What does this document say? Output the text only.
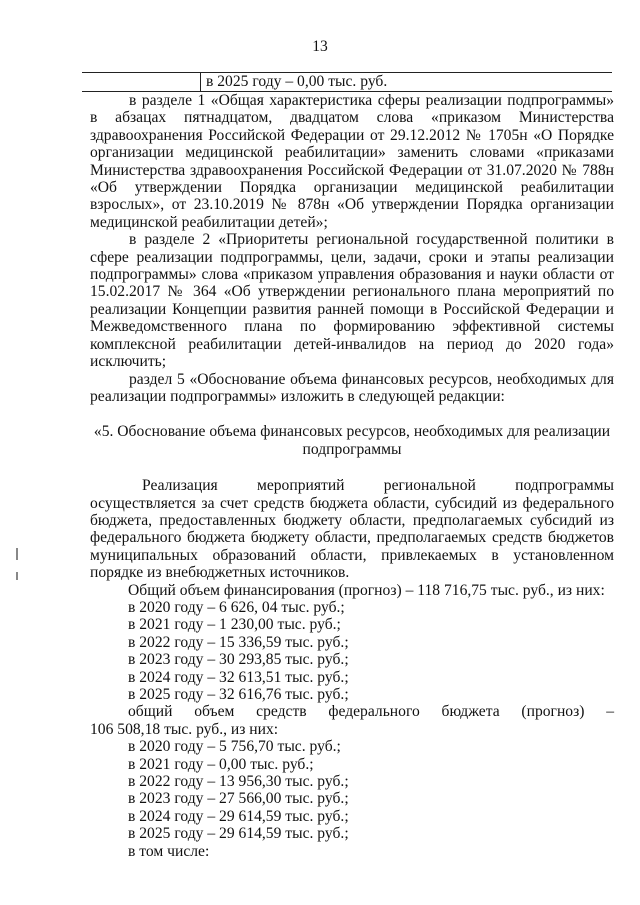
13
в 2025 году – 0,00 тыс. руб.

в разделе 1 «Общая характеристика сферы реализации подпрограммы» в абзацах пятнадцатом, двадцатом слова «приказом Министерства здравоохранения Российской Федерации от 29.12.2012 № 1705н «О Порядке организации медицинской реабилитации» заменить словами «приказами Министерства здравоохранения Российской Федерации от 31.07.2020 № 788н «Об утверждении Порядка организации медицинской реабилитации взрослых», от 23.10.2019 № 878н «Об утверждении Порядка организации медицинской реабилитации детей»;

в разделе 2 «Приоритеты региональной государственной политики в сфере реализации подпрограммы, цели, задачи, сроки и этапы реализации подпрограммы» слова «приказом управления образования и науки области от 15.02.2017 № 364 «Об утверждении регионального плана мероприятий по реализации Концепции развития ранней помощи в Российской Федерации и Межведомственного плана по формированию эффективной системы комплексной реабилитации детей-инвалидов на период до 2020 года» исключить;

раздел 5 «Обоснование объема финансовых ресурсов, необходимых для реализации подпрограммы» изложить в следующей редакции:

«5. Обоснование объема финансовых ресурсов, необходимых для реализации подпрограммы

Реализация мероприятий региональной подпрограммы осуществляется за счет средств бюджета области, субсидий из федерального бюджета, предоставленных бюджету области, предполагаемых субсидий из федерального бюджета бюджету области, предполагаемых средств бюджетов муниципальных образований области, привлекаемых в установленном порядке из внебюджетных источников.

Общий объем финансирования (прогноз) – 118 716,75 тыс. руб., из них:

в 2020 году – 6 626, 04 тыс. руб.;

в 2021 году – 1 230,00 тыс. руб.;

в 2022 году – 15 336,59 тыс. руб.;

в 2023 году – 30 293,85 тыс. руб.;

в 2024 году – 32 613,51 тыс. руб.;

в 2025 году – 32 616,76 тыс. руб.;

общий объем средств федерального бюджета (прогноз) –

106 508,18 тыс. руб., из них:

в 2020 году – 5 756,70 тыс. руб.;

в 2021 году – 0,00 тыс. руб.;

в 2022 году – 13 956,30 тыс. руб.;

в 2023 году – 27 566,00 тыс. руб.;

в 2024 году – 29 614,59 тыс. руб.;

в 2025 году – 29 614,59 тыс. руб.;

в том числе:
